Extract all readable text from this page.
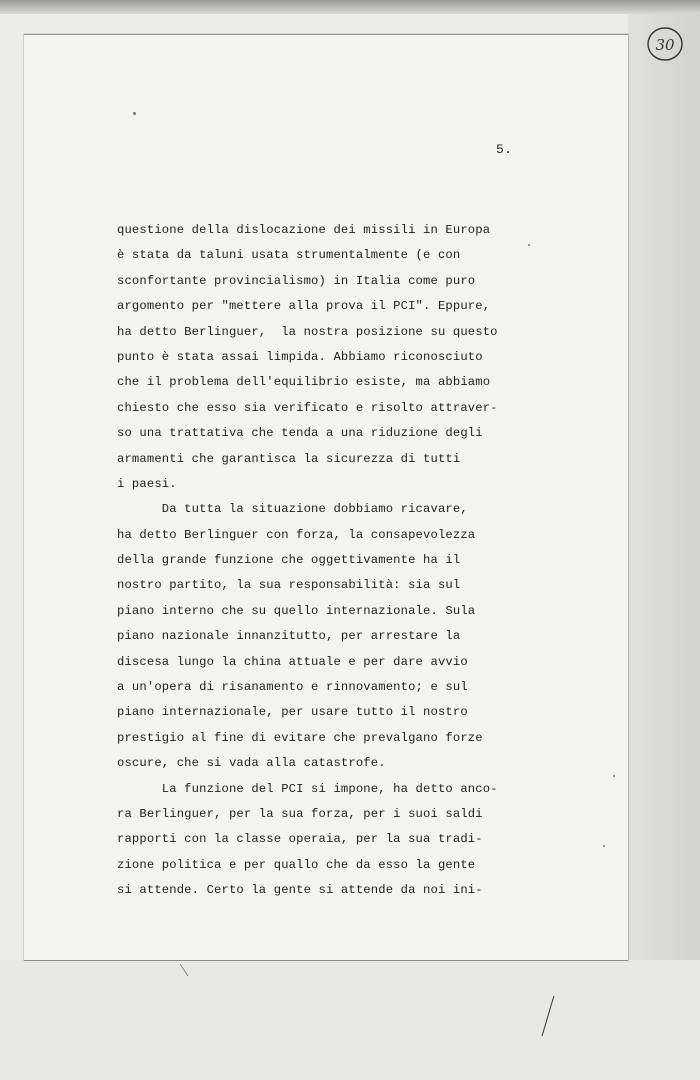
30
5.
questione della dislocazione dei missili in Europa
è stata da taluni usata strumentalmente (e con
sconfortante provincialismo) in Italia come puro
argomento per "mettere alla prova il PCI". Eppure,
ha detto Berlinguer,  la nostra posizione su questo
punto è stata assai limpida. Abbiamo riconosciuto
che il problema dell'equilibrio esiste, ma abbiamo
chiesto che esso sia verificato e risolto attraver-
so una trattativa che tenda a una riduzione degli
armamenti che garantisca la sicurezza di tutti
i paesi.
Da tutta la situazione dobbiamo ricavare,
ha detto Berlinguer con forza, la consapevolezza
della grande funzione che oggettivamente ha il
nostro partito, la sua responsabilità: sia sul
piano interno che su quello internazionale. Sula
piano nazionale innanzitutto, per arrestare la
discesa lungo la china attuale e per dare avvio
a un'opera di risanamento e rinnovamento; e sul
piano internazionale, per usare tutto il nostro
prestigio al fine di evitare che prevalgano forze
oscure, che si vada alla catastrofe.
La funzione del PCI si impone, ha detto anco-
ra Berlinguer, per la sua forza, per i suoi saldi
rapporti con la classe operaia, per la sua tradi-
zione politica e per quallo che da esso la gente
si attende. Certo la gente si attende da noi ini-
